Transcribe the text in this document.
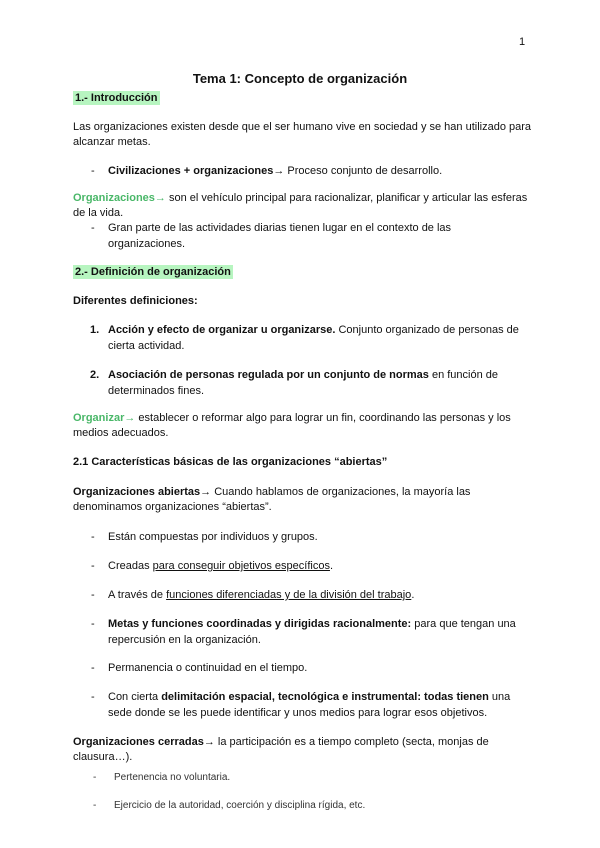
1
Tema 1: Concepto de organización
1.- Introducción
Las organizaciones existen desde que el ser humano vive en sociedad y se han utilizado para alcanzar metas.
-	Civilizaciones + organizaciones→ Proceso conjunto de desarrollo.
Organizaciones→ son el vehículo principal para racionalizar, planificar y articular las esferas de la vida.
-	Gran parte de las actividades diarias tienen lugar en el contexto de las organizaciones.
2.- Definición de organización
Diferentes definiciones:
1. Acción y efecto de organizar u organizarse. Conjunto organizado de personas de cierta actividad.
2. Asociación de personas regulada por un conjunto de normas en función de determinados fines.
Organizar→ establecer o reformar algo para lograr un fin, coordinando las personas y los medios adecuados.
2.1 Características básicas de las organizaciones “abiertas”
Organizaciones abiertas→ Cuando hablamos de organizaciones, la mayoría las denominamos organizaciones “abiertas”.
-	Están compuestas por individuos y grupos.
-	Creadas para conseguir objetivos específicos.
-	A través de funciones diferenciadas y de la división del trabajo.
-	Metas y funciones coordinadas y dirigidas racionalmente: para que tengan una repercusión en la organización.
-	Permanencia o continuidad en el tiempo.
-	Con cierta delimitación espacial, tecnológica e instrumental: todas tienen una sede donde se les puede identificar y unos medios para lograr esos objetivos.
Organizaciones cerradas→ la participación es a tiempo completo (secta, monjas de clausura…).
-	Pertenencia no voluntaria.
-	Ejercicio de la autoridad, coerción y disciplina rígida, etc.
